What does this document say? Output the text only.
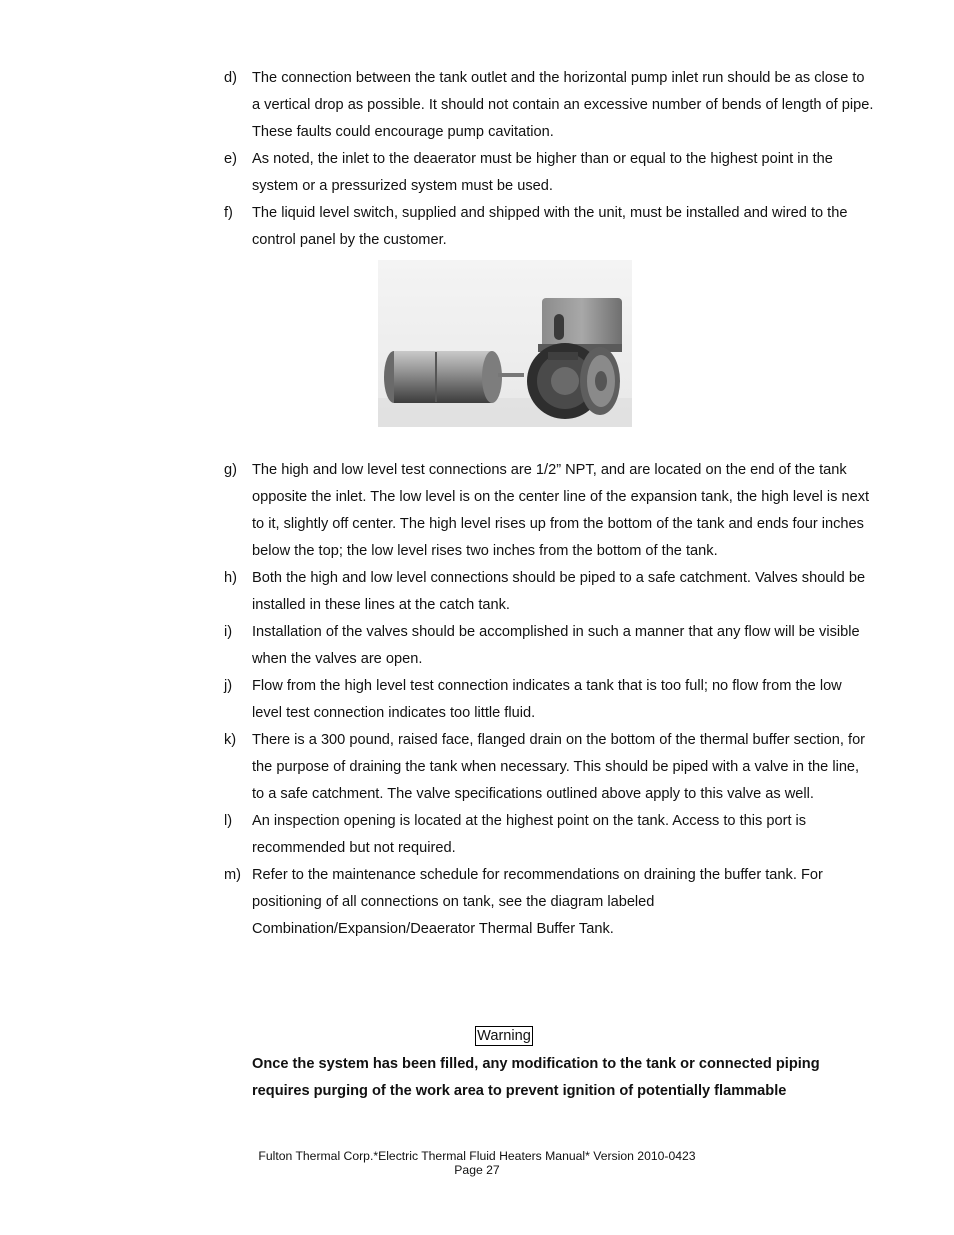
d)	The connection between the tank outlet and the horizontal pump inlet run should be as close to a vertical drop as possible. It should not contain an excessive number of bends of length of pipe. These faults could encourage pump cavitation.
e)	As noted, the inlet to the deaerator must be higher than or equal to the highest point in the system or a pressurized system must be used.
f)	The liquid level switch, supplied and shipped with the unit, must be installed and wired to the control panel by the customer.
g)	The high and low level test connections are 1/2” NPT, and are located on the end of the tank opposite the inlet. The low level is on the center line of the expansion tank, the high level is next to it, slightly off center. The high level rises up from the bottom of the tank and ends four inches below the top; the low level rises two inches from the bottom of the tank.
h)	Both the high and low level connections should be piped to a safe catchment. Valves should be installed in these lines at the catch tank.
i)	Installation of the valves should be accomplished in such a manner that any flow will be visible when the valves are open.
j)	Flow from the high level test connection indicates a tank that is too full; no flow from the low level test connection indicates too little fluid.
k)	There is a 300 pound, raised face, flanged drain on the bottom of the thermal buffer section, for the purpose of draining the tank when necessary. This should be piped with a valve in the line, to a safe catchment. The valve specifications outlined above apply to this valve as well.
l)	An inspection opening is located at the highest point on the tank. Access to this port is recommended but not required.
m) Refer to the maintenance schedule for recommendations on draining the buffer tank. For positioning of all connections on tank, see the diagram labeled Combination/Expansion/Deaerator Thermal Buffer Tank.
Warning
Once the system has been filled, any modification to the tank or connected piping requires purging of the work area to prevent ignition of potentially flammable
Fulton Thermal Corp.*Electric Thermal Fluid Heaters Manual* Version 2010-0423
Page 27
